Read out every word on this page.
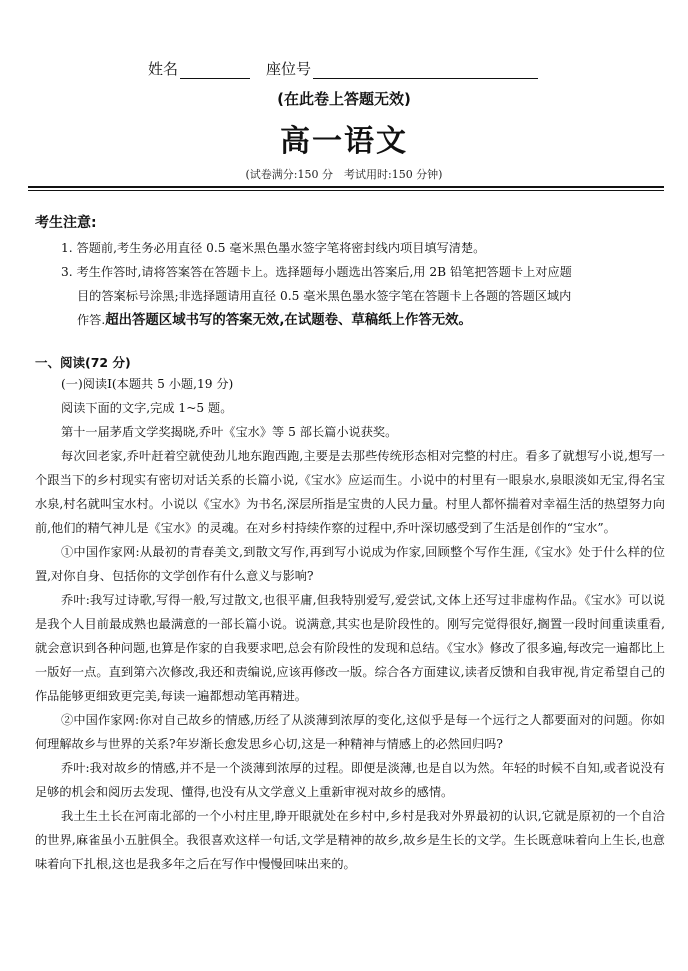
姓名	座位号
(在此卷上答题无效)
高一语文
(试卷满分:150 分　考试用时:150 分钟)
考生注意:

1. 答题前,考生务必用直径 0.5 毫米黑色墨水签字笔将密封线内项目填写清楚。

3. 考生作答时,请将答案答在答题卡上。选择题每小题选出答案后,用 2B 铅笔把答题卡上对应题

目的答案标号涂黑;非选择题请用直径 0.5 毫米黑色墨水签字笔在答题卡上各题的答题区域内

作答.超出答题区域书写的答案无效,在试题卷、草稿纸上作答无效。

一、阅读(72 分)

(一)阅读Ⅰ(本题共 5 小题,19 分)

阅读下面的文字,完成 1~5 题。

第十一届茅盾文学奖揭晓,乔叶《宝水》等 5 部长篇小说获奖。

每次回老家,乔叶赶着空就使劲儿地东跑西跑,主要是去那些传统形态相对完整的村庄。看多了就想写小说,想写一个跟当下的乡村现实有密切对话关系的长篇小说,《宝水》应运而生。小说中的村里有一眼泉水,泉眼淡如无宝,得名宝水泉,村名就叫宝水村。小说以《宝水》为书名,深层所指是宝贵的人民力量。村里人都怀揣着对幸福生活的热望努力向前,他们的精气神儿是《宝水》的灵魂。在对乡村持续作察的过程中,乔叶深切感受到了生活是创作的“宝水”。

①中国作家网:从最初的青春美文,到散文写作,再到写小说成为作家,回顾整个写作生涯,《宝水》处于什么样的位置,对你自身、包括你的文学创作有什么意义与影响?

乔叶:我写过诗歌,写得一般,写过散文,也很平庸,但我特别爱写,爱尝试,文体上还写过非虚构作品。《宝水》可以说是我个人目前最成熟也最满意的一部长篇小说。说满意,其实也是阶段性的。刚写完觉得很好,搁置一段时间重读重看,就会意识到各种问题,也算是作家的自我要求吧,总会有阶段性的发现和总结。《宝水》修改了很多遍,每改完一遍都比上一版好一点。直到第六次修改,我还和责编说,应该再修改一版。综合各方面建议,读者反馈和自我审视,肯定希望自己的作品能够更细致更完美,每读一遍都想动笔再精进。

②中国作家网:你对自己故乡的情感,历经了从淡薄到浓厚的变化,这似乎是每一个远行之人都要面对的问题。你如何理解故乡与世界的关系?年岁渐长愈发思乡心切,这是一种精神与情感上的必然回归吗?

乔叶:我对故乡的情感,并不是一个淡薄到浓厚的过程。即便是淡薄,也是自以为然。年轻的时候不自知,或者说没有足够的机会和阅历去发现、懂得,也没有从文学意义上重新审视对故乡的感情。

我土生土长在河南北部的一个小村庄里,睁开眼就处在乡村中,乡村是我对外界最初的认识,它就是原初的一个自洽的世界,麻雀虽小五脏俱全。我很喜欢这样一句话,文学是精神的故乡,故乡是生长的文学。生长既意味着向上生长,也意味着向下扎根,这也是我多年之后在写作中慢慢回味出来的。
